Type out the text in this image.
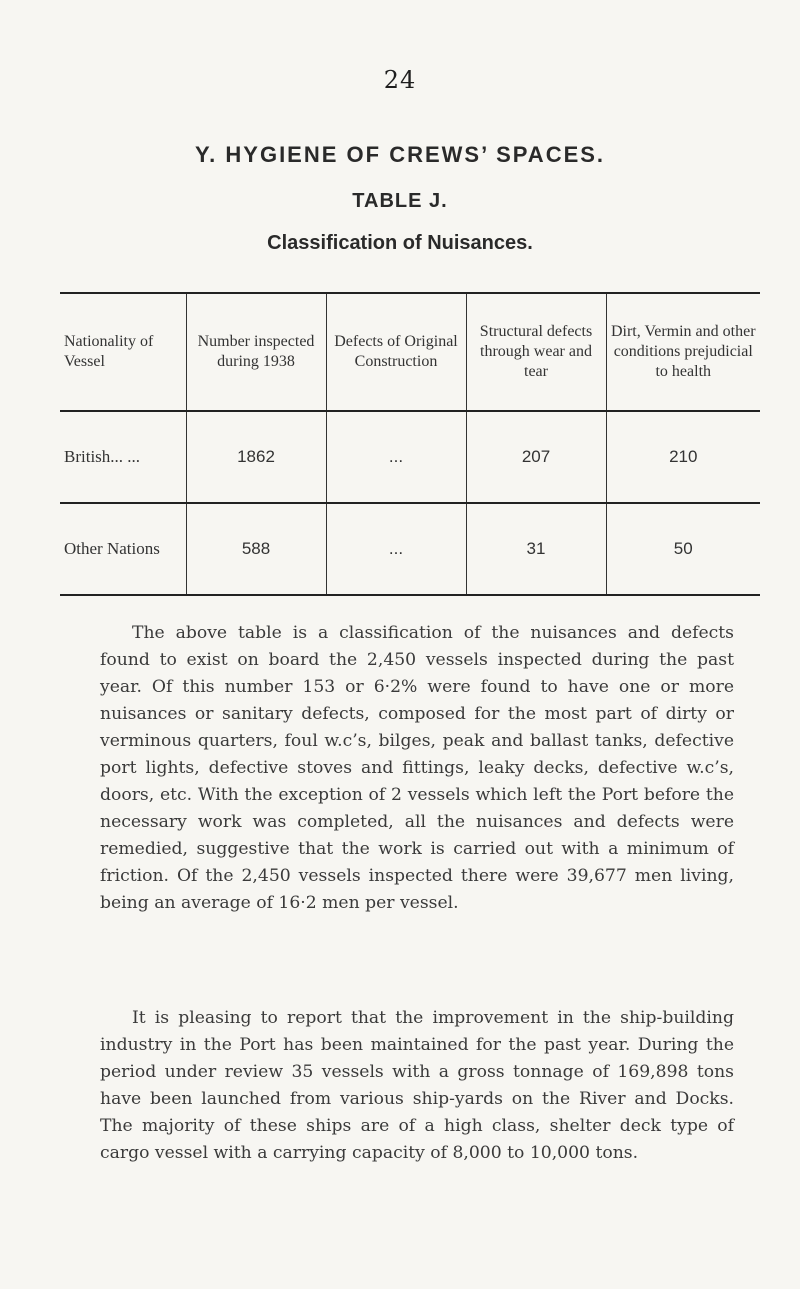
24
Y. HYGIENE OF CREWS’ SPACES.
TABLE J.
Classification of Nuisances.
Nationality of Vessel	Number inspected during 1938	Defects of Original Construction	Structural defects through wear and tear	Dirt, Vermin and other conditions prejudicial to health
British... ...	1862	...	207	210
Other Nations	588	...	31	50

The above table is a classification of the nuisances and defects found to exist on board the 2,450 vessels inspected during the past year. Of this number 153 or 6·2% were found to have one or more nuisances or sanitary defects, composed for the most part of dirty or verminous quarters, foul w.c’s, bilges, peak and ballast tanks, defective port lights, defective stoves and fittings, leaky decks, defective w.c’s, doors, etc. With the exception of 2 vessels which left the Port before the necessary work was completed, all the nuisances and defects were remedied, suggestive that the work is carried out with a minimum of friction. Of the 2,450 vessels inspected there were 39,677 men living, being an average of 16·2 men per vessel.

It is pleasing to report that the improvement in the ship-building industry in the Port has been maintained for the past year. During the period under review 35 vessels with a gross tonnage of 169,898 tons have been launched from various ship-yards on the River and Docks. The majority of these ships are of a high class, shelter deck type of cargo vessel with a carrying capacity of 8,000 to 10,000 tons.
